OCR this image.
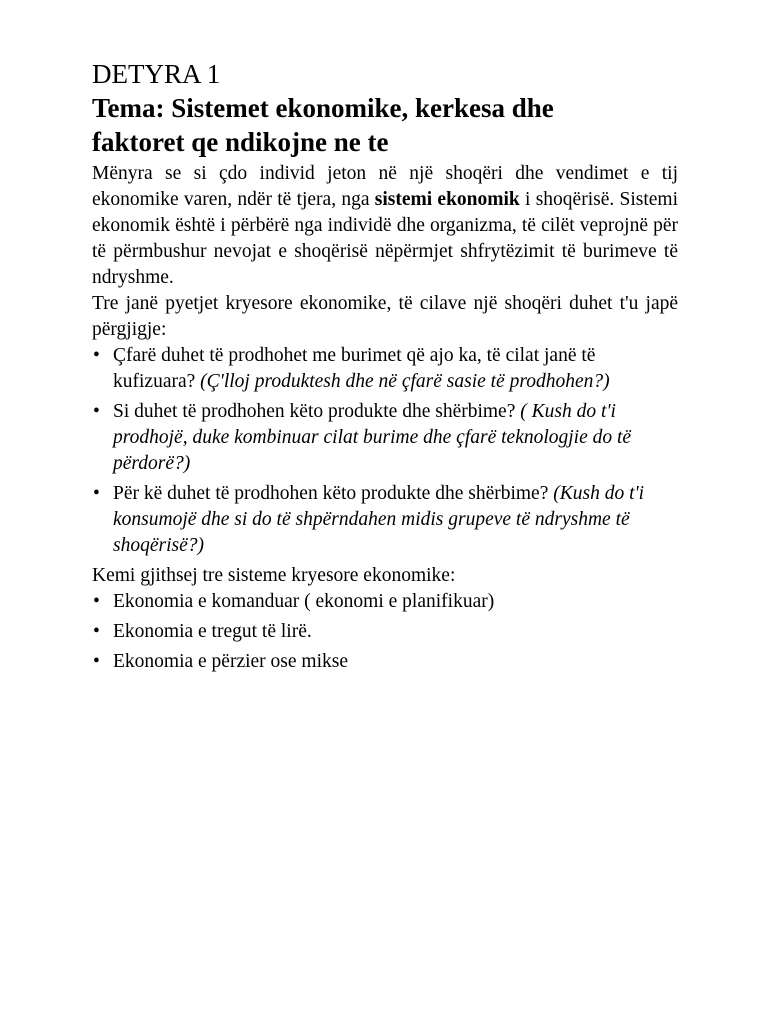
DETYRA 1
Tema: Sistemet ekonomike, kerkesa dhe faktoret qe ndikojne ne te

Mënyra se si çdo individ jeton në një shoqëri dhe vendimet e tij ekonomike varen, ndër të tjera, nga sistemi ekonomik i shoqërisë. Sistemi ekonomik është i përbërë nga individë dhe organizma, të cilët veprojnë për të përmbushur nevojat e shoqërisë nëpërmjet shfrytëzimit të burimeve të ndryshme.

Tre janë pyetjet kryesore ekonomike, të cilave një shoqëri duhet t'u japë përgjigje:

• Çfarë duhet të prodhohet me burimet që ajo ka, të cilat janë të kufizuara? (Ç'lloj produktesh dhe në çfarë sasie të prodhohen?)
• Si duhet të prodhohen këto produkte dhe shërbime? ( Kush do t'i prodhojë, duke kombinuar cilat burime dhe çfarë teknologjie do të përdorë?)
• Për kë duhet të prodhohen këto produkte dhe shërbime? (Kush do t'i konsumojë dhe si do të shpërndahen midis grupeve të ndryshme të shoqërisë?)

Kemi gjithsej tre sisteme kryesore ekonomike:

• Ekonomia e komanduar ( ekonomi e planifikuar)
• Ekonomia e tregut të lirë.
• Ekonomia e përzier ose mikse
